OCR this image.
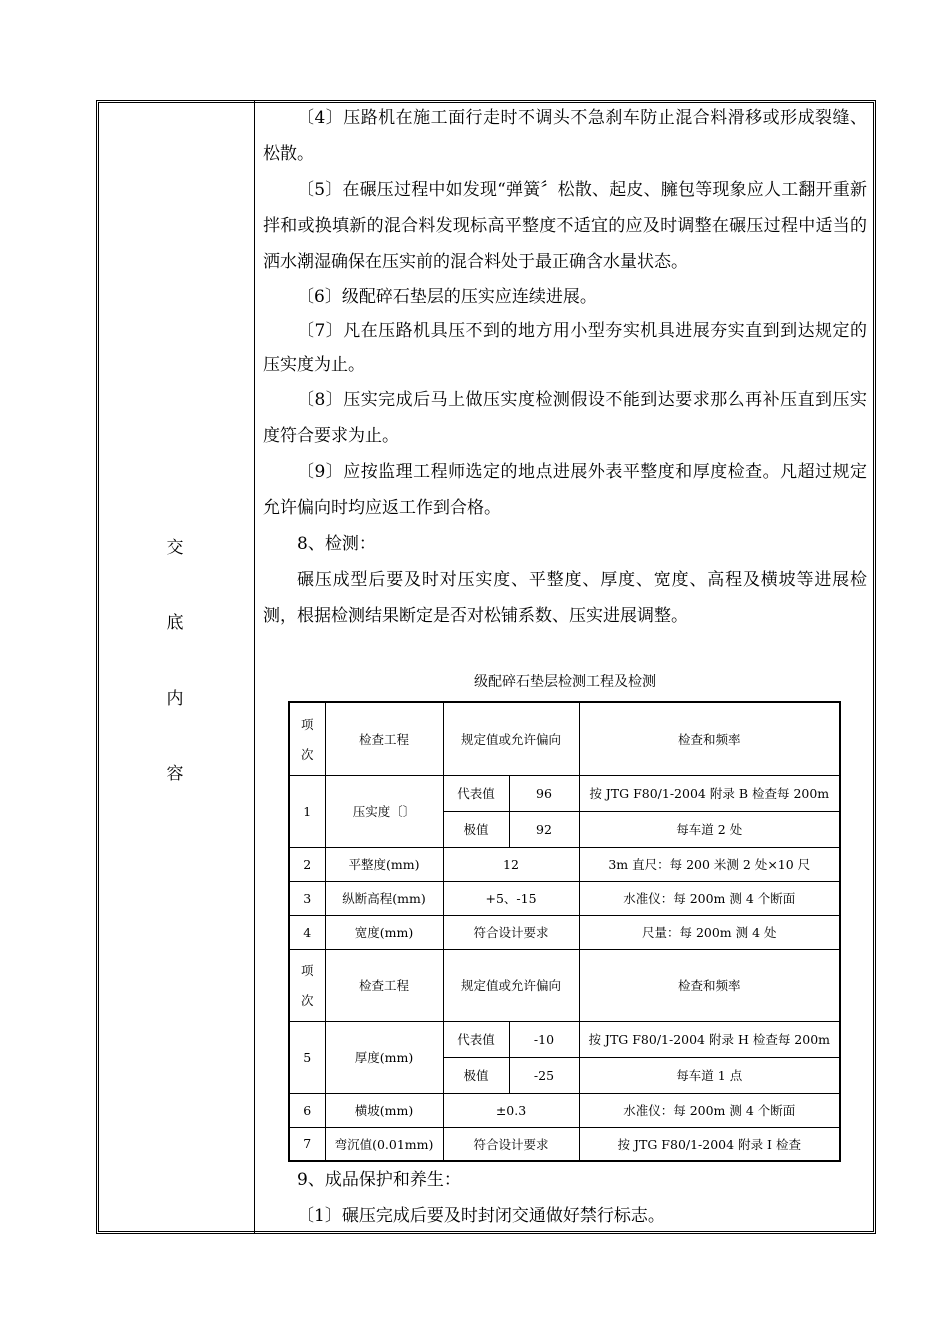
交
底
内
容

〔4〕压路机在施工面行走时不调头不急刹车防止混合料滑移或形成裂缝、松散。

〔5〕在碾压过程中如发现“弹簧〞松散、起皮、臃包等现象应人工翻开重新拌和或换填新的混合料发现标高平整度不适宜的应及时调整在碾压过程中适当的洒水潮湿确保在压实前的混合料处于最正确含水量状态。

〔6〕级配碎石垫层的压实应连续进展。

〔7〕凡在压路机具压不到的地方用小型夯实机具进展夯实直到到达规定的压实度为止。

〔8〕压实完成后马上做压实度检测假设不能到达要求那么再补压直到压实度符合要求为止。

〔9〕应按监理工程师选定的地点进展外表平整度和厚度检查。凡超过规定允许偏向时均应返工作到合格。

8、检测：

碾压成型后要及时对压实度、平整度、厚度、宽度、高程及横坡等进展检测，根据检测结果断定是否对松铺系数、压实进展调整。

级配碎石垫层检测工程及检测
项
次	检查工程	规定值或允许偏向		检查和频率
1	压实度〔〕	代表值	96	按 JTG F80/1-2004 附录 B 检查每 200m
		极值	92	每车道 2 处
2	平整度(mm)	12		3m 直尺：每 200 米测 2 处×10 尺
3	纵断高程(mm)	+5、-15		水准仪：每 200m 测 4 个断面
4	宽度(mm)	符合设计要求		尺量：每 200m 测 4 处

项
次	检查工程	规定值或允许偏向		检查和频率
5	厚度(mm)	代表值	-10	按 JTG F80/1-2004 附录 H 检查每 200m
		极值	-25	每车道 1 点
6	横坡(mm)	±0.3		水准仪：每 200m 测 4 个断面
7	弯沉值(0.01mm)	符合设计要求		按 JTG F80/1-2004 附录 I 检查

9、成品保护和养生：

〔1〕碾压完成后要及时封闭交通做好禁行标志。
